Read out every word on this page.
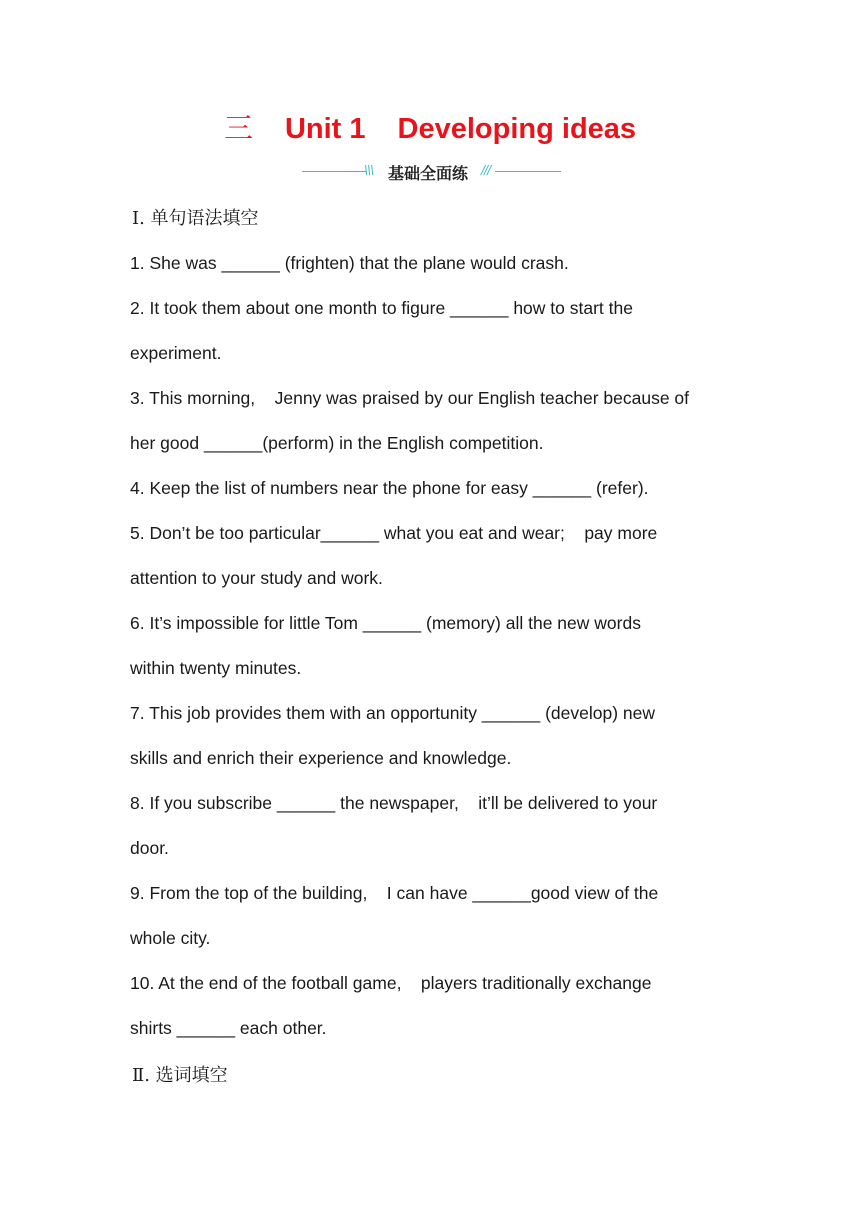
三 Unit 1 Developing ideas
\\\ 基础全面练 ///
Ⅰ. 单句语法填空
1. She was ______ (frighten) that the plane would crash.
2. It took them about one month to figure ______ how to start the
experiment.
3. This morning,    Jenny was praised by our English teacher because of
her good ______(perform) in the English competition.
4. Keep the list of numbers near the phone for easy ______ (refer).
5. Don’t be too particular______ what you eat and wear;    pay more
attention to your study and work.
6. It’s impossible for little Tom ______ (memory) all the new words
within twenty minutes.
7. This job provides them with an opportunity ______ (develop) new
skills and enrich their experience and knowledge.
8. If you subscribe ______ the newspaper,    it’ll be delivered to your
door.
9. From the top of the building,    I can have ______good view of the
whole city.
10. At the end of the football game,    players traditionally exchange
shirts ______ each other.
Ⅱ. 选词填空
